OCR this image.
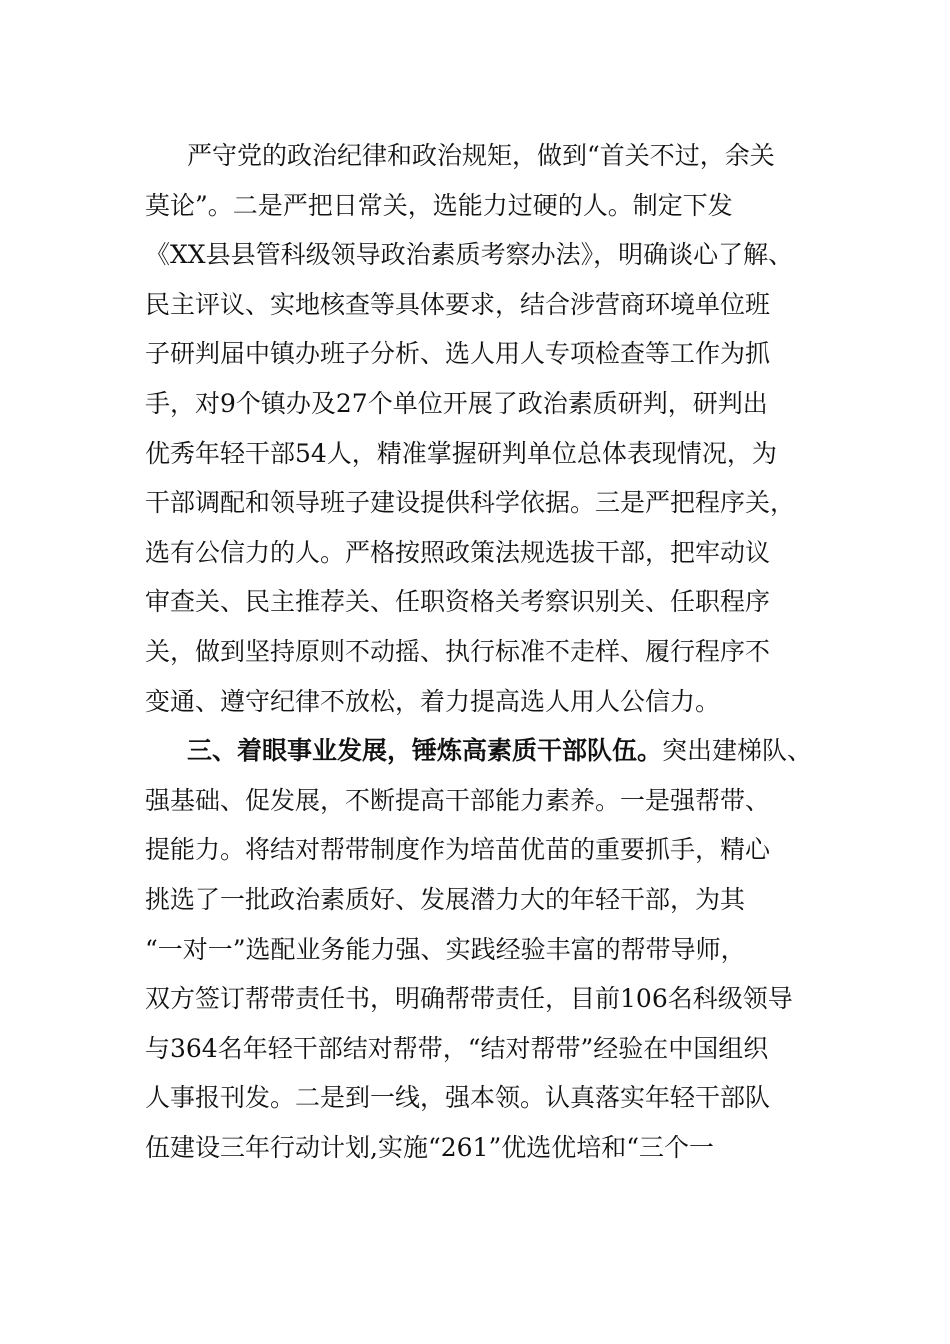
严守党的政治纪律和政治规矩，做到“首关不过，余关
莫论”。二是严把日常关，选能力过硬的人。制定下发
《XX县县管科级领导政治素质考察办法》，明确谈心了解、
民主评议、实地核查等具体要求，结合涉营商环境单位班
子研判届中镇办班子分析、选人用人专项检查等工作为抓
手，对9个镇办及27个单位开展了政治素质研判，研判出
优秀年轻干部54人，精准掌握研判单位总体表现情况，为
干部调配和领导班子建设提供科学依据。三是严把程序关，
选有公信力的人。严格按照政策法规选拔干部，把牢动议
审查关、民主推荐关、任职资格关考察识别关、任职程序
关，做到坚持原则不动摇、执行标准不走样、履行程序不
变通、遵守纪律不放松，着力提高选人用人公信力。
三、着眼事业发展，锤炼高素质干部队伍。突出建梯队、
强基础、促发展，不断提高干部能力素养。一是强帮带、
提能力。将结对帮带制度作为培苗优苗的重要抓手，精心
挑选了一批政治素质好、发展潜力大的年轻干部，为其
“一对一”选配业务能力强、实践经验丰富的帮带导师，
双方签订帮带责任书，明确帮带责任，目前106名科级领导
与364名年轻干部结对帮带，“结对帮带”经验在中国组织
人事报刊发。二是到一线，强本领。认真落实年轻干部队
伍建设三年行动计划,实施“261”优选优培和“三个一
